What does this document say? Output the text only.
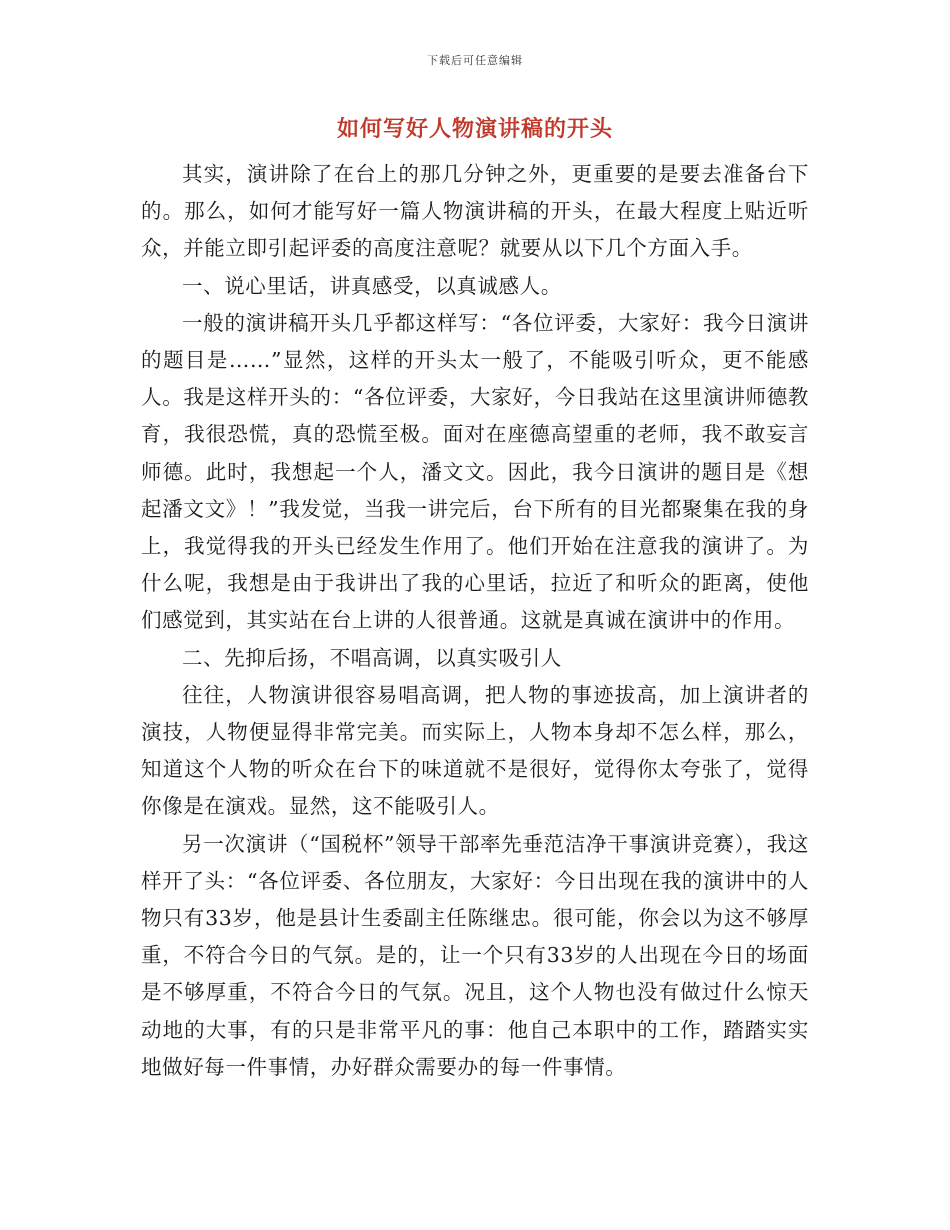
下载后可任意编辑
如何写好人物演讲稿的开头

其实，演讲除了在台上的那几分钟之外，更重要的是要去准备台下的。那么，如何才能写好一篇人物演讲稿的开头，在最大程度上贴近听众，并能立即引起评委的高度注意呢？就要从以下几个方面入手。

一、说心里话，讲真感受，以真诚感人。

一般的演讲稿开头几乎都这样写：“各位评委，大家好：我今日演讲的题目是……”显然，这样的开头太一般了，不能吸引听众，更不能感人。我是这样开头的：“各位评委，大家好，今日我站在这里演讲师德教育，我很恐慌，真的恐慌至极。面对在座德高望重的老师，我不敢妄言师德。此时，我想起一个人，潘文文。因此，我今日演讲的题目是《想起潘文文》！”我发觉，当我一讲完后，台下所有的目光都聚集在我的身上，我觉得我的开头已经发生作用了。他们开始在注意我的演讲了。为什么呢，我想是由于我讲出了我的心里话，拉近了和听众的距离，使他们感觉到，其实站在台上讲的人很普通。这就是真诚在演讲中的作用。

二、先抑后扬，不唱高调，以真实吸引人

往往，人物演讲很容易唱高调，把人物的事迹拔高，加上演讲者的演技，人物便显得非常完美。而实际上，人物本身却不怎么样，那么，知道这个人物的听众在台下的味道就不是很好，觉得你太夸张了，觉得你像是在演戏。显然，这不能吸引人。

另一次演讲（“国税杯”领导干部率先垂范洁净干事演讲竞赛），我这样开了头：“各位评委、各位朋友，大家好：今日出现在我的演讲中的人物只有33岁，他是县计生委副主任陈继忠。很可能，你会以为这不够厚重，不符合今日的气氛。是的，让一个只有33岁的人出现在今日的场面是不够厚重，不符合今日的气氛。况且，这个人物也没有做过什么惊天动地的大事，有的只是非常平凡的事：他自己本职中的工作，踏踏实实地做好每一件事情，办好群众需要办的每一件事情。
